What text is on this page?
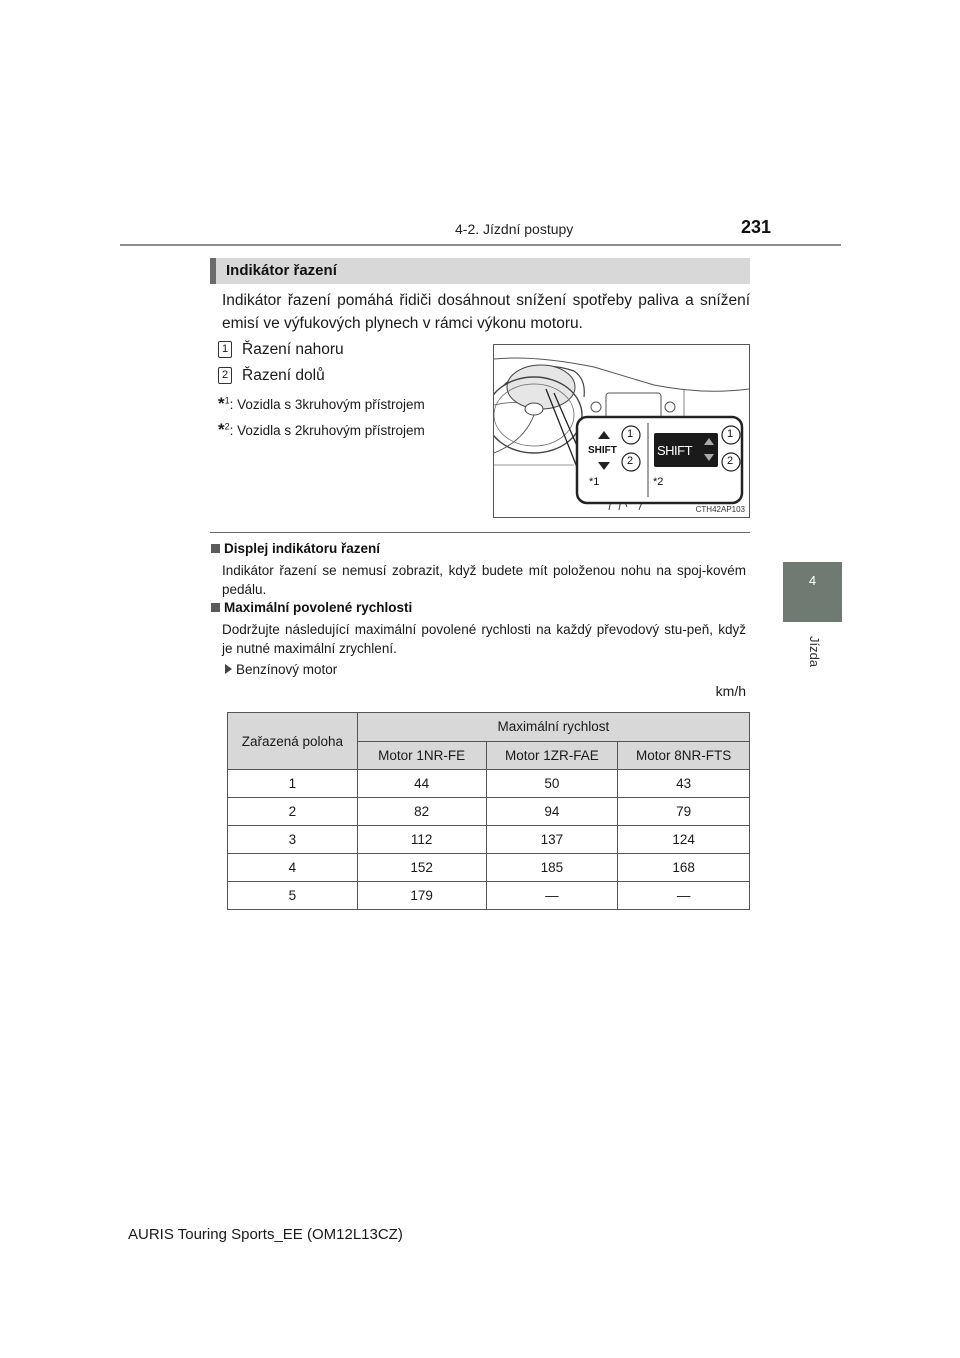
4-2. Jízdní postupy	231
4
Jízda
Indikátor řazení
Indikátor řazení pomáhá řidiči dosáhnout snížení spotřeby paliva a snížení emisí ve výfukových plynech v rámci výkonu motoru.
1 Řazení nahoru
2 Řazení dolů
*$^1$: Vozidla s 3kruhovým přístrojem
*$^2$: Vozidla s 2kruhovým přístrojem
SHIFT	SHIFT
1
2
1
2
*1	*2
CTH42AP103
Displej indikátoru řazení
Indikátor řazení se nemusí zobrazit, když budete mít položenou nohu na spoj-kovém pedálu.
Maximální povolené rychlosti
Dodržujte následující maximální povolené rychlosti na každý převodový stu-peň, když je nutné maximální zrychlení.
Benzínový motor
km/h
Zařazená poloha	Maximální rychlost		
	Motor 1NR-FE	Motor 1ZR-FAE	Motor 8NR-FTS
1	44	50	43
2	82	94	79
3	112	137	124
4	152	185	168
5	179	—	—
AURIS Touring Sports_EE (OM12L13CZ)
